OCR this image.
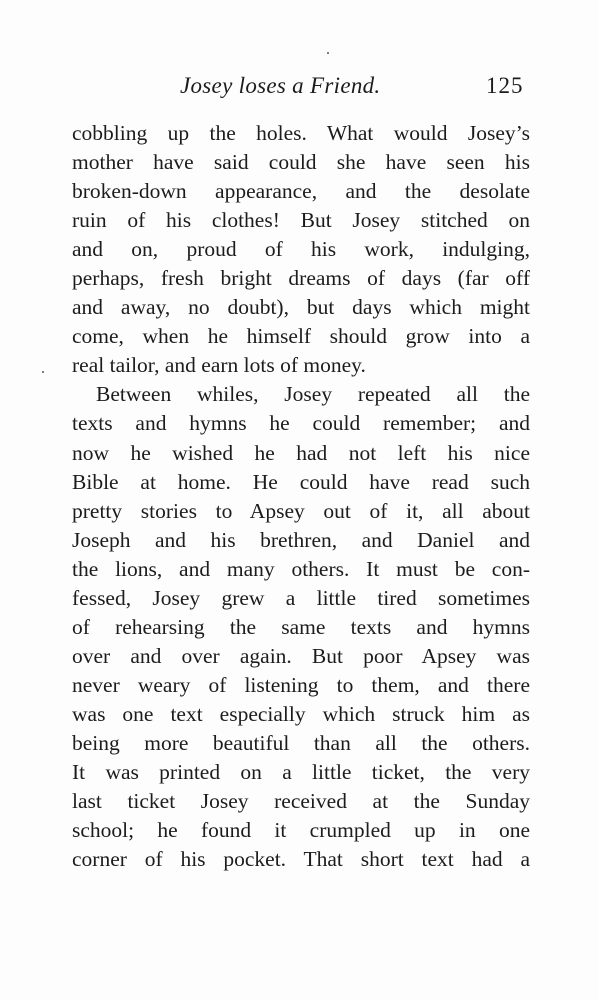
Josey loses a Friend.	125
cobbling up the holes. What would Josey’s
mother have said could she have seen his
broken-down appearance, and the desolate
ruin of his clothes! But Josey stitched on
and on, proud of his work, indulging,
perhaps, fresh bright dreams of days (far off
and away, no doubt), but days which might
come, when he himself should grow into a
real tailor, and earn lots of money.
Between whiles, Josey repeated all the
texts and hymns he could remember; and
now he wished he had not left his nice
Bible at home. He could have read such
pretty stories to Apsey out of it, all about
Joseph and his brethren, and Daniel and
the lions, and many others. It must be con-
fessed, Josey grew a little tired sometimes
of rehearsing the same texts and hymns
over and over again. But poor Apsey was
never weary of listening to them, and there
was one text especially which struck him as
being more beautiful than all the others.
It was printed on a little ticket, the very
last ticket Josey received at the Sunday
school; he found it crumpled up in one
corner of his pocket. That short text had a
